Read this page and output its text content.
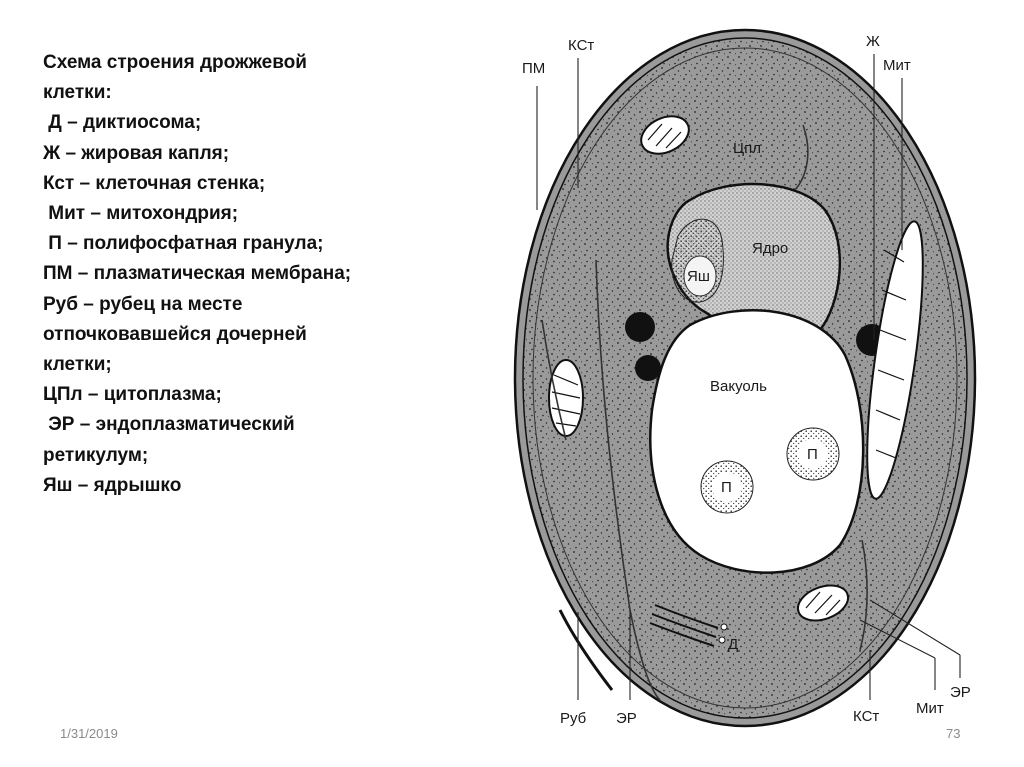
Схема строения дрожжевой
клетки:
Д – диктиосома;
Ж – жировая капля;
Кст – клеточная стенка;
Мит – митохондрия;
П – полифосфатная гранула;
ПМ – плазматическая мембрана;
Руб – рубец на месте
отпочковавшейся дочерней
клетки;
ЦПл – цитоплазма;
ЭР – эндоплазматический
ретикулум;
Яш – ядрышко
ПМ
КСт	Ж
Мит
Цпл
Ядро
Яш
Вакуоль
П
П
Д
Руб ЭР	КСт Мит
ЭР
1/31/2019	73
